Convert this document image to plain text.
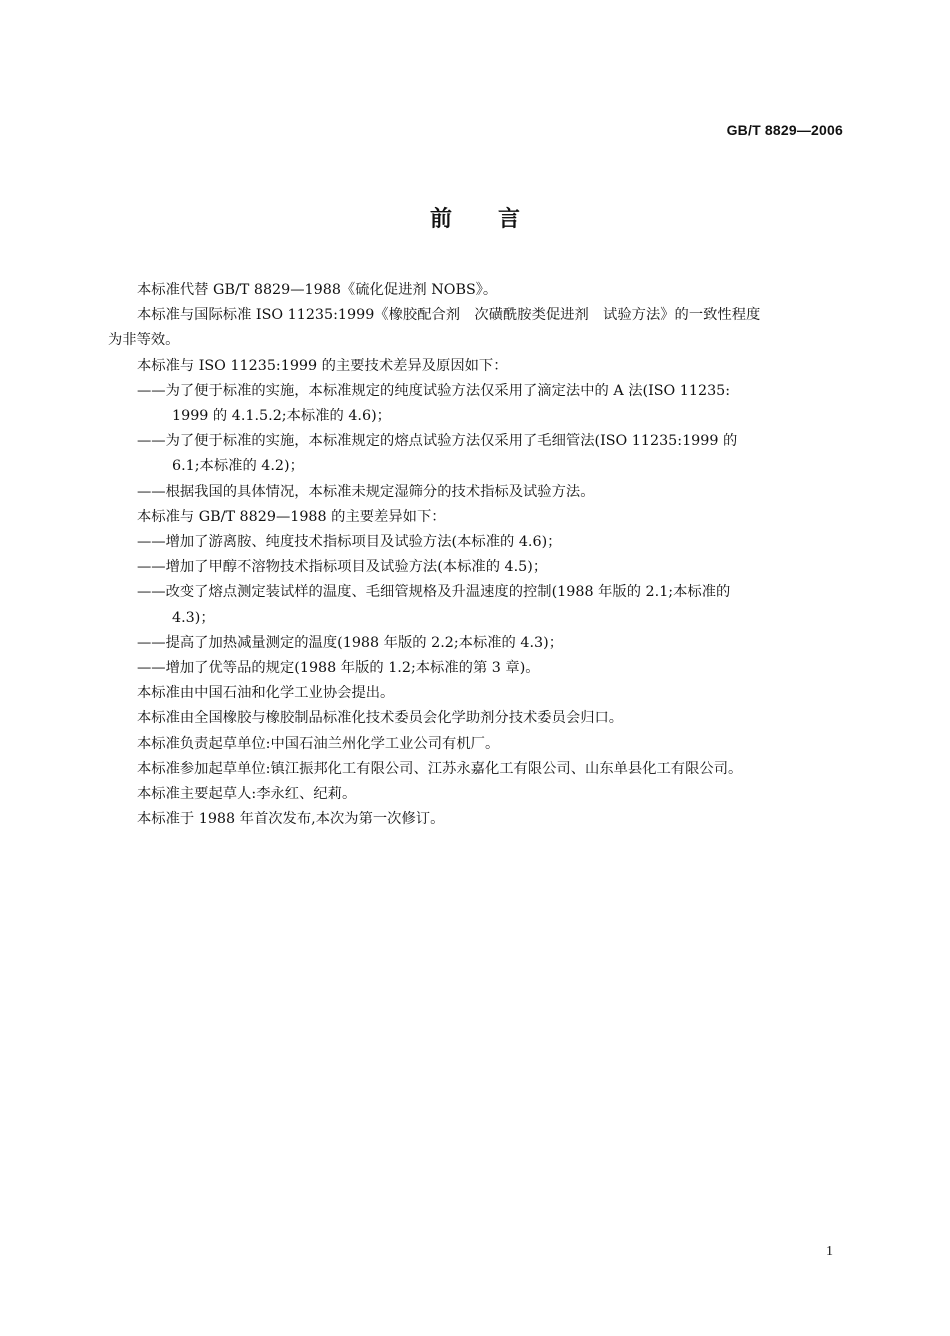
GB/T 8829—2006
前言

本标准代替 GB/T 8829—1988《硫化促进剂 NOBS》。

本标准与国际标准 ISO 11235:1999《橡胶配合剂　次磺酰胺类促进剂　试验方法》的一致性程度

为非等效。

本标准与 ISO 11235:1999 的主要技术差异及原因如下：

——为了便于标准的实施，本标准规定的纯度试验方法仅采用了滴定法中的 A 法(ISO 11235:

1999 的 4.1.5.2;本标准的 4.6)；

——为了便于标准的实施，本标准规定的熔点试验方法仅采用了毛细管法(ISO 11235:1999 的

6.1;本标准的 4.2)；

——根据我国的具体情况，本标准未规定湿筛分的技术指标及试验方法。

本标准与 GB/T 8829—1988 的主要差异如下：

——增加了游离胺、纯度技术指标项目及试验方法(本标准的 4.6)；

——增加了甲醇不溶物技术指标项目及试验方法(本标准的 4.5)；

——改变了熔点测定装试样的温度、毛细管规格及升温速度的控制(1988 年版的 2.1;本标准的

4.3)；

——提高了加热减量测定的温度(1988 年版的 2.2;本标准的 4.3)；

——增加了优等品的规定(1988 年版的 1.2;本标准的第 3 章)。

本标准由中国石油和化学工业协会提出。

本标准由全国橡胶与橡胶制品标准化技术委员会化学助剂分技术委员会归口。

本标准负责起草单位:中国石油兰州化学工业公司有机厂。

本标准参加起草单位:镇江振邦化工有限公司、江苏永嘉化工有限公司、山东单县化工有限公司。

本标准主要起草人:李永红、纪莉。

本标准于 1988 年首次发布,本次为第一次修订。

1
